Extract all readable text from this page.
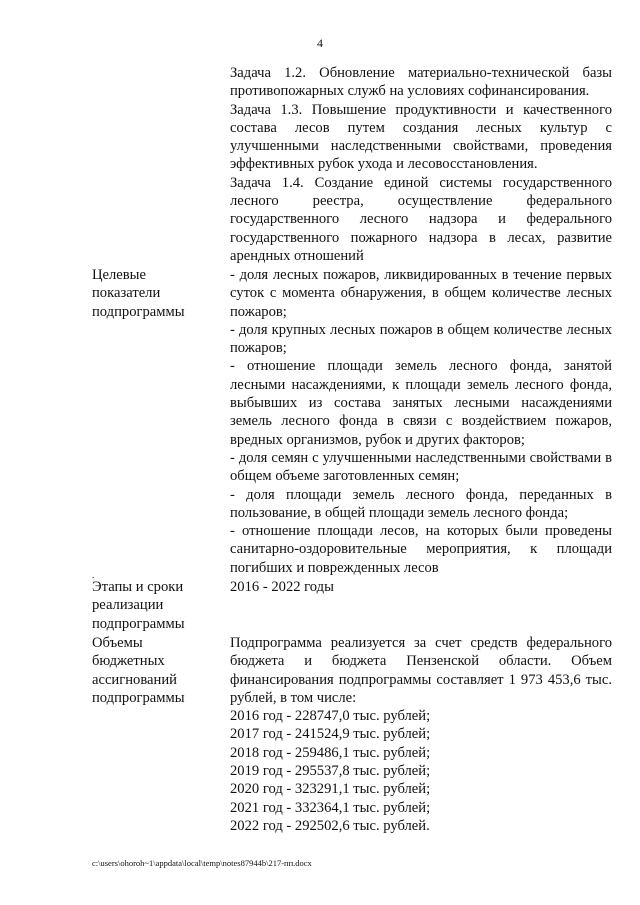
4

Задача 1.2. Обновление материально-технической базы противопожарных служб на условиях софинансирования.

Задача 1.3. Повышение продуктивности и качественного состава лесов путем создания лесных культур с улучшенными наследственными свойствами, проведения эффективных рубок ухода и лесовосстановления.

Задача 1.4. Создание единой системы государственного лесного реестра, осуществление федерального государственного лесного надзора и федерального государственного пожарного надзора в лесах, развитие арендных отношений

Целевые
показатели
подпрограммы

- доля лесных пожаров, ликвидированных в течение первых суток с момента обнаружения, в общем количестве лесных пожаров;

- доля крупных лесных пожаров в общем количестве лесных пожаров;

- отношение площади земель лесного фонда, занятой лесными насаждениями, к площади земель лесного фонда, выбывших из состава занятых лесными насаждениями земель лесного фонда в связи с воздействием пожаров, вредных организмов, рубок и других факторов;

- доля семян с улучшенными наследственными свойствами в общем объеме заготовленных семян;

- доля площади земель лесного фонда, переданных в пользование, в общей площади земель лесного фонда;

- отношение площади лесов, на которых были проведены санитарно-оздоровительные мероприятия, к площади погибших и поврежденных лесов

.
Этапы и сроки
реализации
подпрограммы

2016 - 2022 годы

Объемы
бюджетных
ассигнований
подпрограммы

Подпрограмма реализуется за счет средств федерального бюджета и бюджета Пензенской области. Объем финансирования подпрограммы составляет 1 973 453,6 тыс. рублей, в том числе:

2016 год - 228747,0 тыс. рублей;
2017 год - 241524,9 тыс. рублей;
2018 год - 259486,1 тыс. рублей;
2019 год - 295537,8 тыс. рублей;
2020 год - 323291,1 тыс. рублей;
2021 год - 332364,1 тыс. рублей;
2022 год - 292502,6 тыс. рублей.
c:\users\ohoroh~1\appdata\local\temp\notes87944b\217-пп.docx
